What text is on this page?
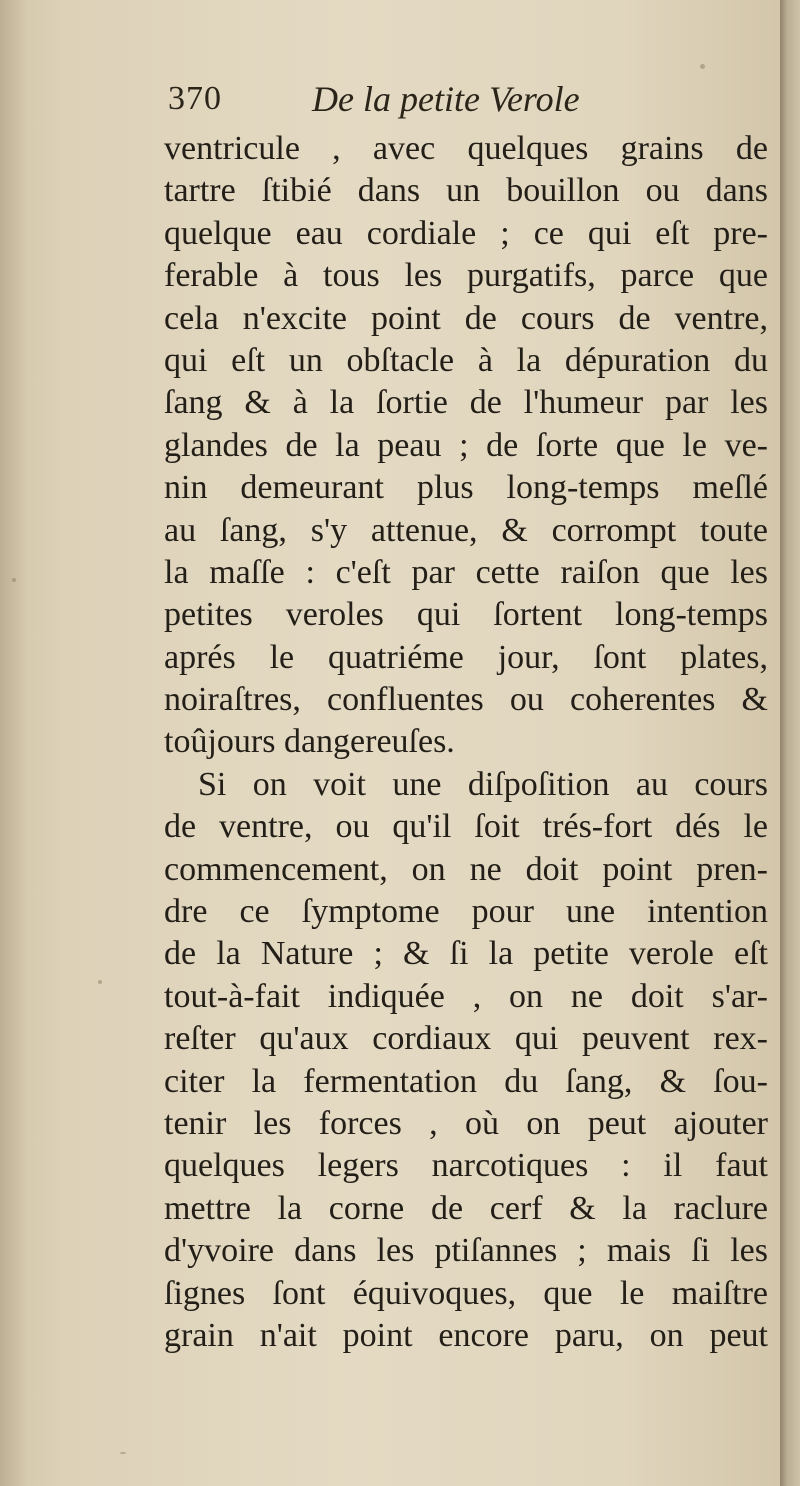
370	De la petite Verole
ventricule , avec quelques grains de
tartre ſtibié dans un bouillon ou dans
quelque eau cordiale ; ce qui eſt pre-
ferable à tous les purgatifs, parce que
cela n'excite point de cours de ventre,
qui eſt un obſtacle à la dépuration du
ſang & à la ſortie de l'humeur par les
glandes de la peau ; de ſorte que le ve-
nin demeurant plus long-temps meſlé
au ſang, s'y attenue, & corrompt toute
la maſſe : c'eſt par cette raiſon que les
petites veroles qui ſortent long-temps
aprés le quatriéme jour, ſont plates,
noiraſtres, confluentes ou coherentes &
toûjours dangereuſes.
Si on voit une diſpoſition au cours
de ventre, ou qu'il ſoit trés-fort dés le
commencement, on ne doit point pren-
dre ce ſymptome pour une intention
de la Nature ; & ſi la petite verole eſt
tout-à-fait indiquée , on ne doit s'ar-
reſter qu'aux cordiaux qui peuvent rex-
citer la fermentation du ſang, & ſou-
tenir les forces , où on peut ajouter
quelques legers narcotiques : il faut
mettre la corne de cerf & la raclure
d'yvoire dans les ptiſannes ; mais ſi les
ſignes ſont équivoques, que le maiſtre
grain n'ait point encore paru, on peut
